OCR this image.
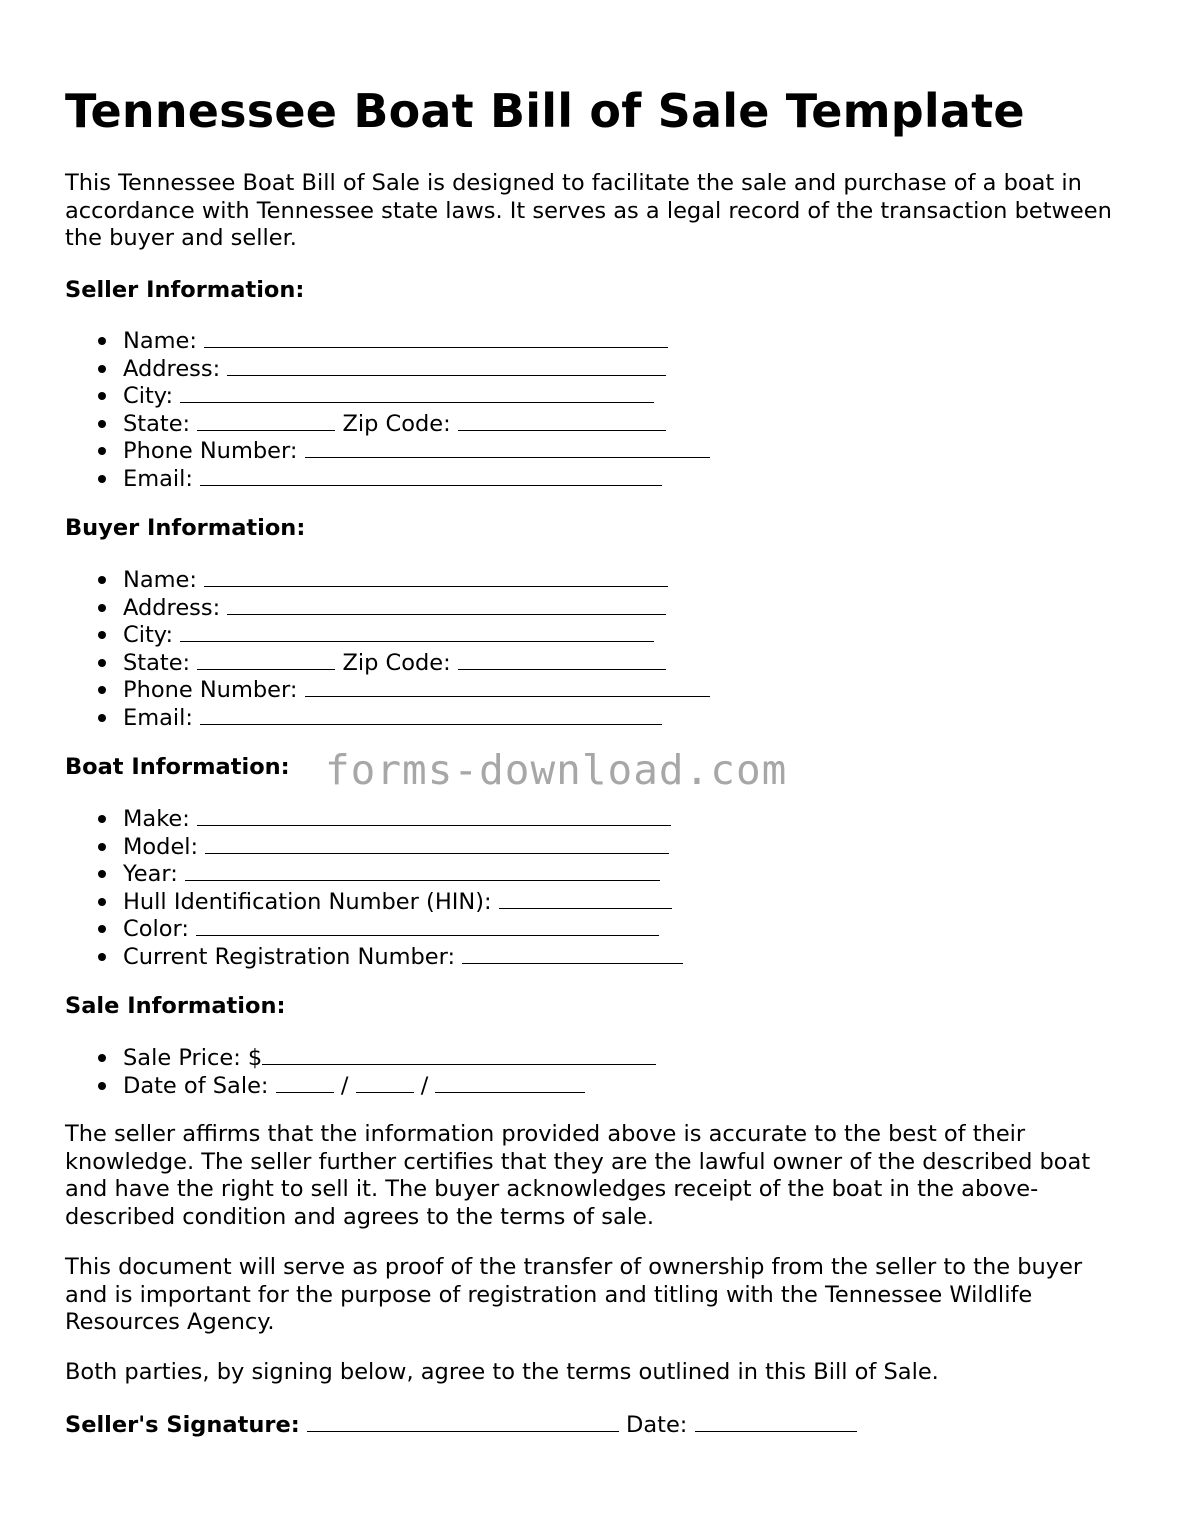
Tennessee Boat Bill of Sale Template

This Tennessee Boat Bill of Sale is designed to facilitate the sale and purchase of a boat in accordance with Tennessee state laws. It serves as a legal record of the transaction between the buyer and seller.

Seller Information:
Name:
Address:
City:
State:	Zip Code:
Phone Number:
Email:
Buyer Information:
Name:
Address:
City:
State:	Zip Code:
Phone Number:
Email:
Boat Information:
Make:
Model:
Year:
Hull Identification Number (HIN):
Color:
Current Registration Number:
Sale Information:
Sale Price: $
Date of Sale:	/	/

The seller affirms that the information provided above is accurate to the best of their knowledge. The seller further certifies that they are the lawful owner of the described boat and have the right to sell it. The buyer acknowledges receipt of the boat in the above-described condition and agrees to the terms of sale.

This document will serve as proof of the transfer of ownership from the seller to the buyer and is important for the purpose of registration and titling with the Tennessee Wildlife Resources Agency.

Both parties, by signing below, agree to the terms outlined in this Bill of Sale.

Seller's Signature:	Date:
forms-download.com
